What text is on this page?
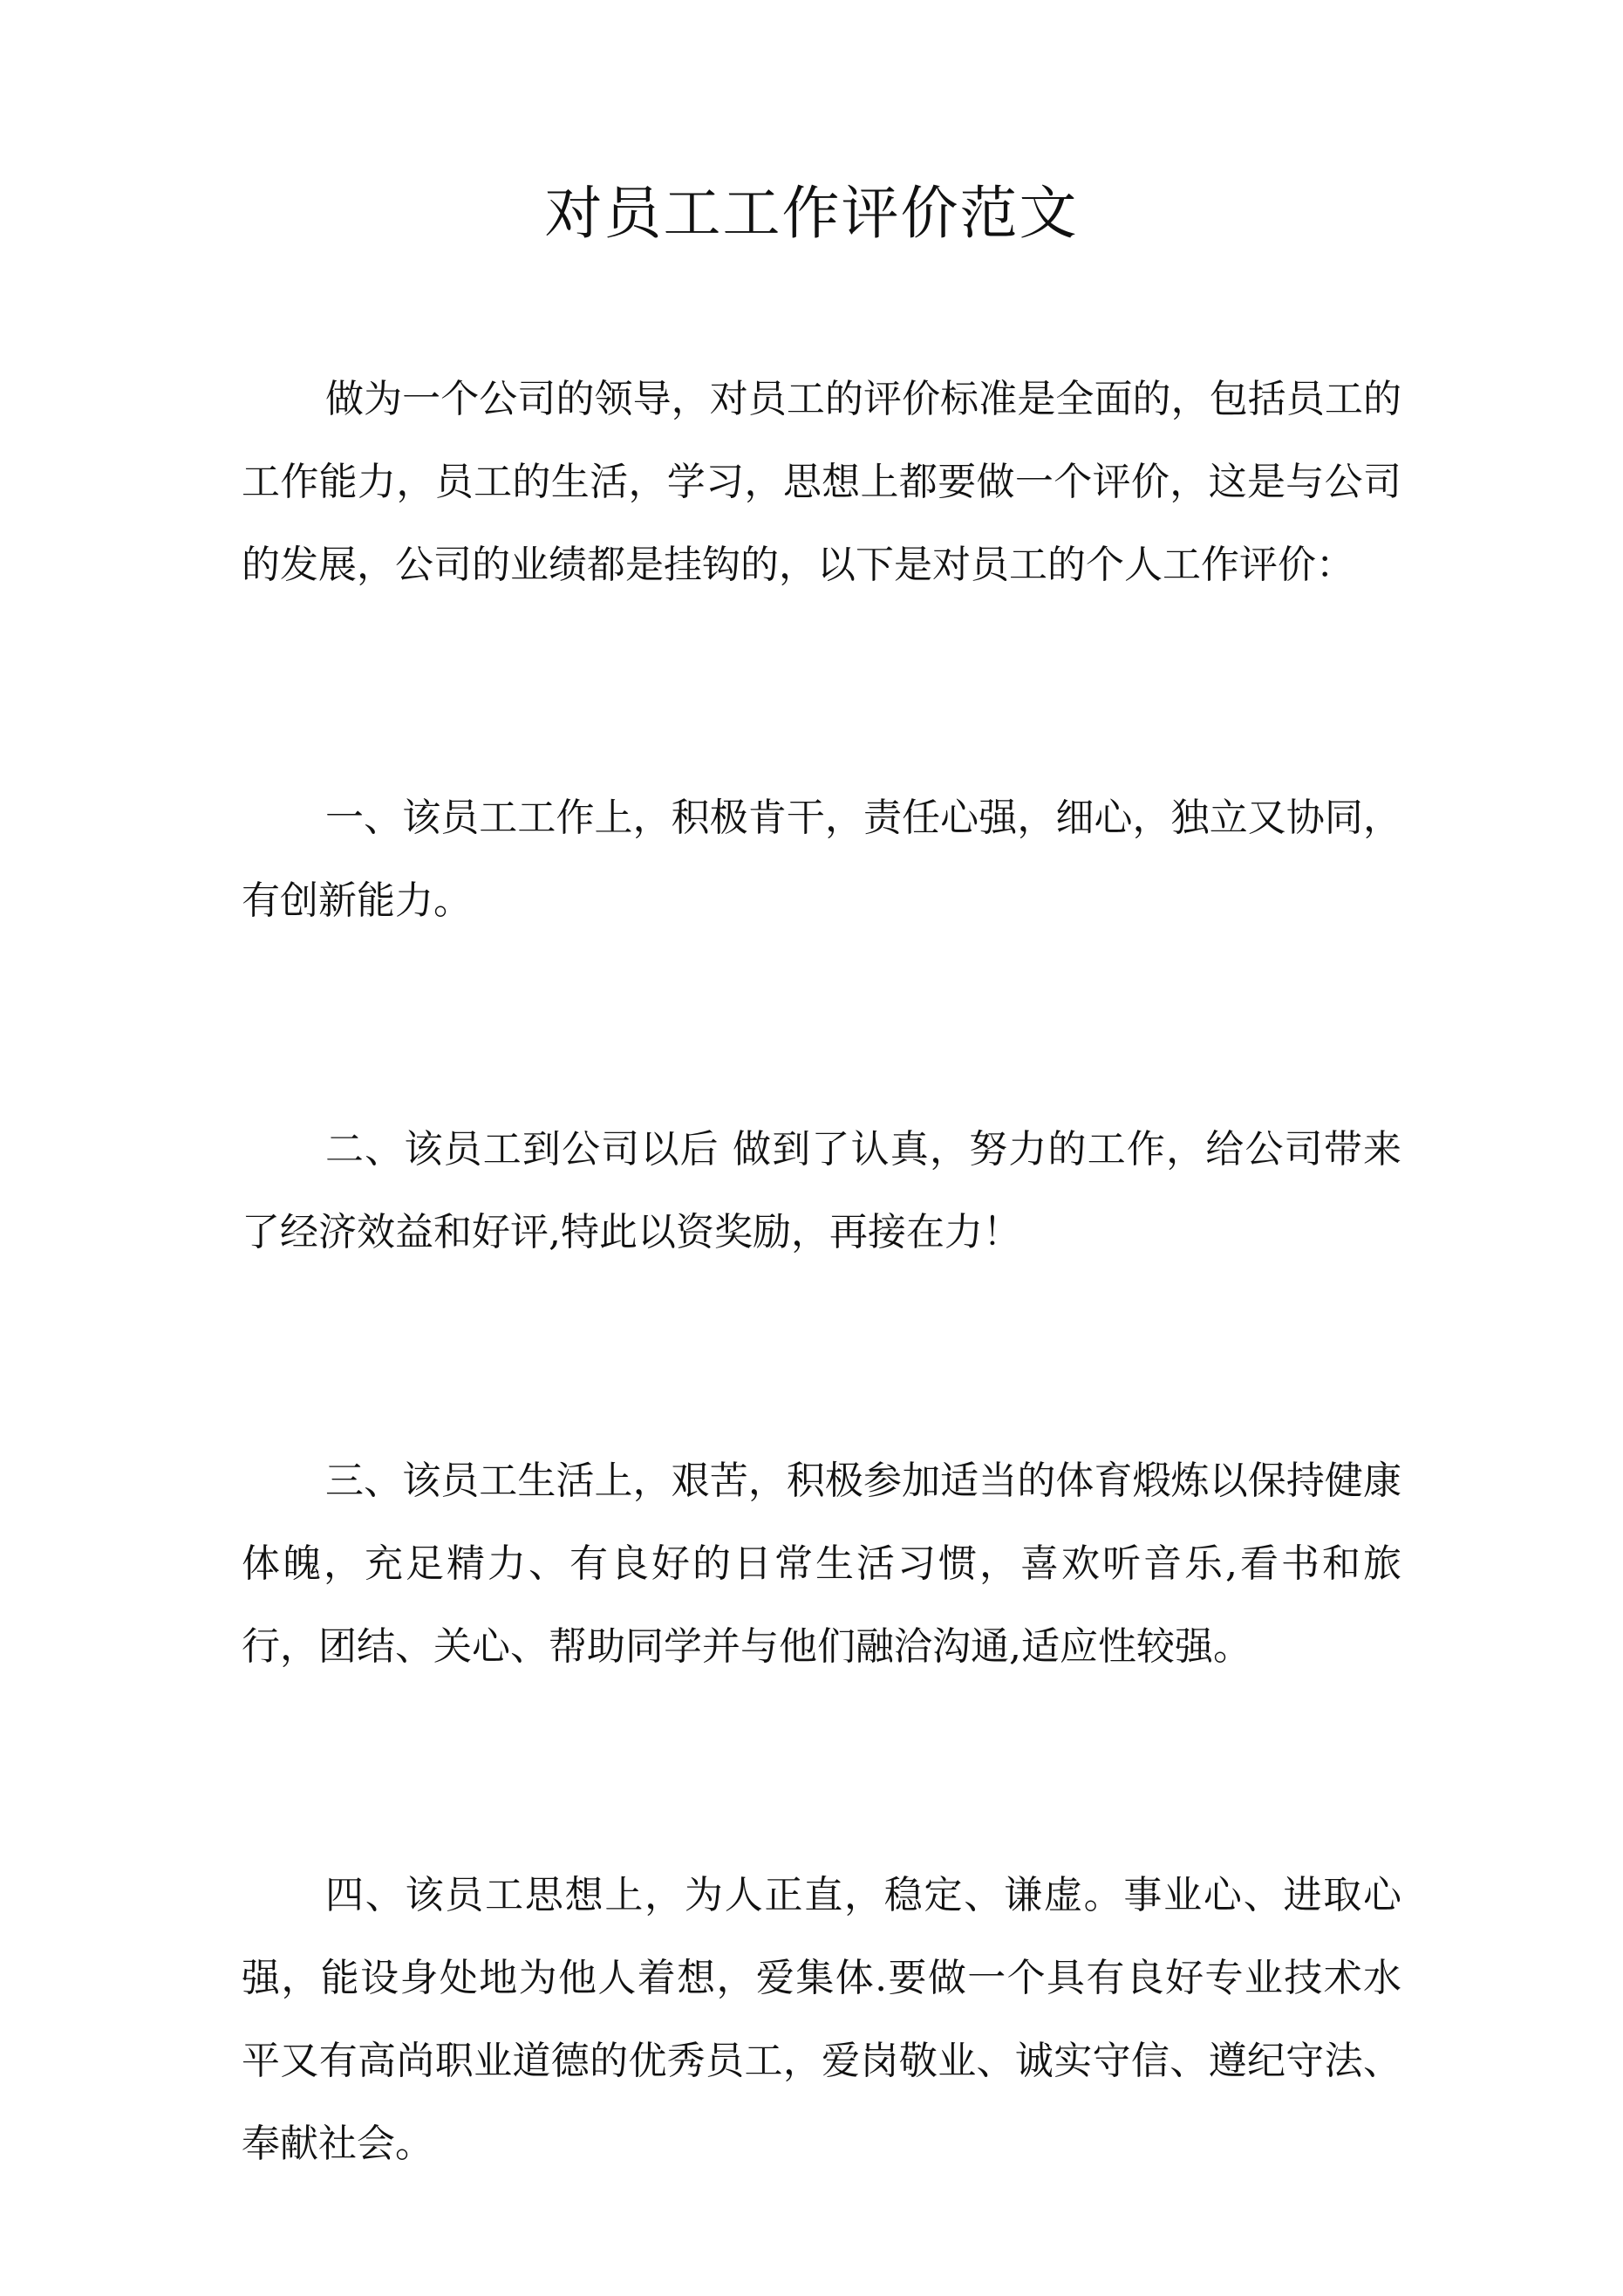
对员工工作评价范文

做为一个公司的领导，对员工的评价标准是全面的，包括员工的工作能力，员工的生活，学习，思想上都要做一个评价，这是与公司的发展，公司的业绩都是挂钩的，以下是对员工的个人工作评价：

一、该员工工作上，积极肯干，责任心强，细心，独立又协同，有创新能力。

二、该员工到公司以后 做到了认真，努力的工作，给公司带来了经济效益和好评,特此以资奖励，再接在力！

三、该员工生活上，艰苦，积极参加适当的体育煅炼以保持健康体魄，充足精力、有良好的日常生活习惯，喜欢听音乐,看书和旅行，团结、关心、帮助同学并与他们融洽沟通,适应性较强。

四、该员工思想上，为人正直，稳定、谦虚。事业心、进取心强，能设身处地为他人着想，爱集体.要做一个具有良好专业技术水平又有高尚职业道德的优秀员工，爱岗敬业、诚实守信、遵纪守法、奉献社会。
